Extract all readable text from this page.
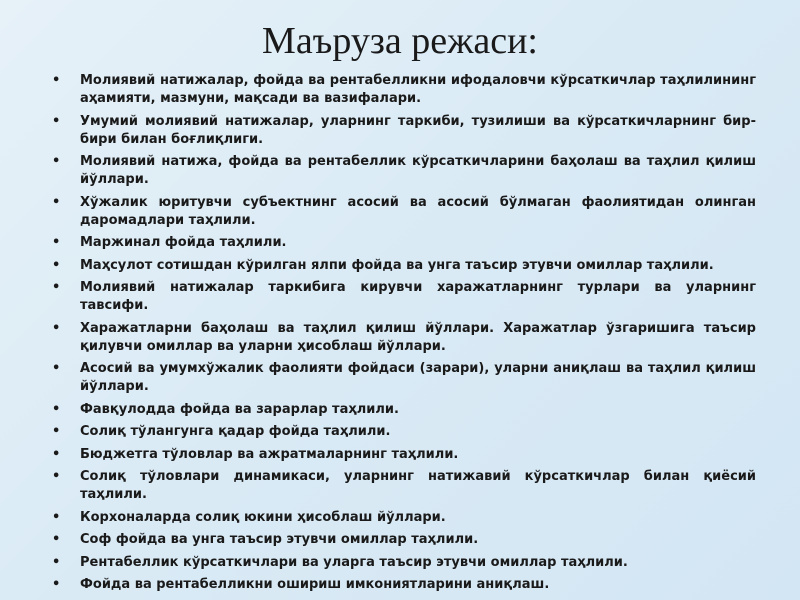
Маъруза режаси:
• Молиявий натижалар, фойда ва рентабелликни ифодаловчи кўрсаткичлар таҳлилининг аҳамияти, мазмуни, мақсади ва вазифалари.
• Умумий молиявий натижалар, уларнинг таркиби, тузилиши ва кўрсаткичларнинг бир-бири билан боғлиқлиги.
• Молиявий натижа, фойда ва рентабеллик кўрсаткичларини баҳолаш ва таҳлил қилиш йўллари.
• Хўжалик юритувчи субъектнинг асосий ва асосий бўлмаган фаолиятидан олинган даромадлари таҳлили.
• Маржинал фойда таҳлили.
• Маҳсулот сотишдан кўрилган ялпи фойда ва унга таъсир этувчи омиллар таҳлили.
• Молиявий натижалар таркибига кирувчи харажатларнинг турлари ва уларнинг тавсифи.
• Харажатларни баҳолаш ва таҳлил қилиш йўллари. Харажатлар ўзгаришига таъсир қилувчи омиллар ва уларни ҳисоблаш йўллари.
• Асосий ва умумхўжалик фаолияти фойдаси (зарари), уларни аниқлаш ва таҳлил қилиш йўллари.
• Фавқулодда фойда ва зарарлар таҳлили.
• Солиқ тўлангунга қадар фойда таҳлили.
• Бюджетга тўловлар ва ажратмаларнинг таҳлили.
• Солиқ тўловлари динамикаси, уларнинг натижавий кўрсаткичлар билан қиёсий таҳлили.
• Корхоналарда солиқ юкини ҳисоблаш йўллари.
• Соф фойда ва унга таъсир этувчи омиллар таҳлили.
• Рентабеллик кўрсаткичлари ва уларга таъсир этувчи омиллар таҳлили.
• Фойда ва рентабелликни ошириш имкониятларини аниқлаш.
